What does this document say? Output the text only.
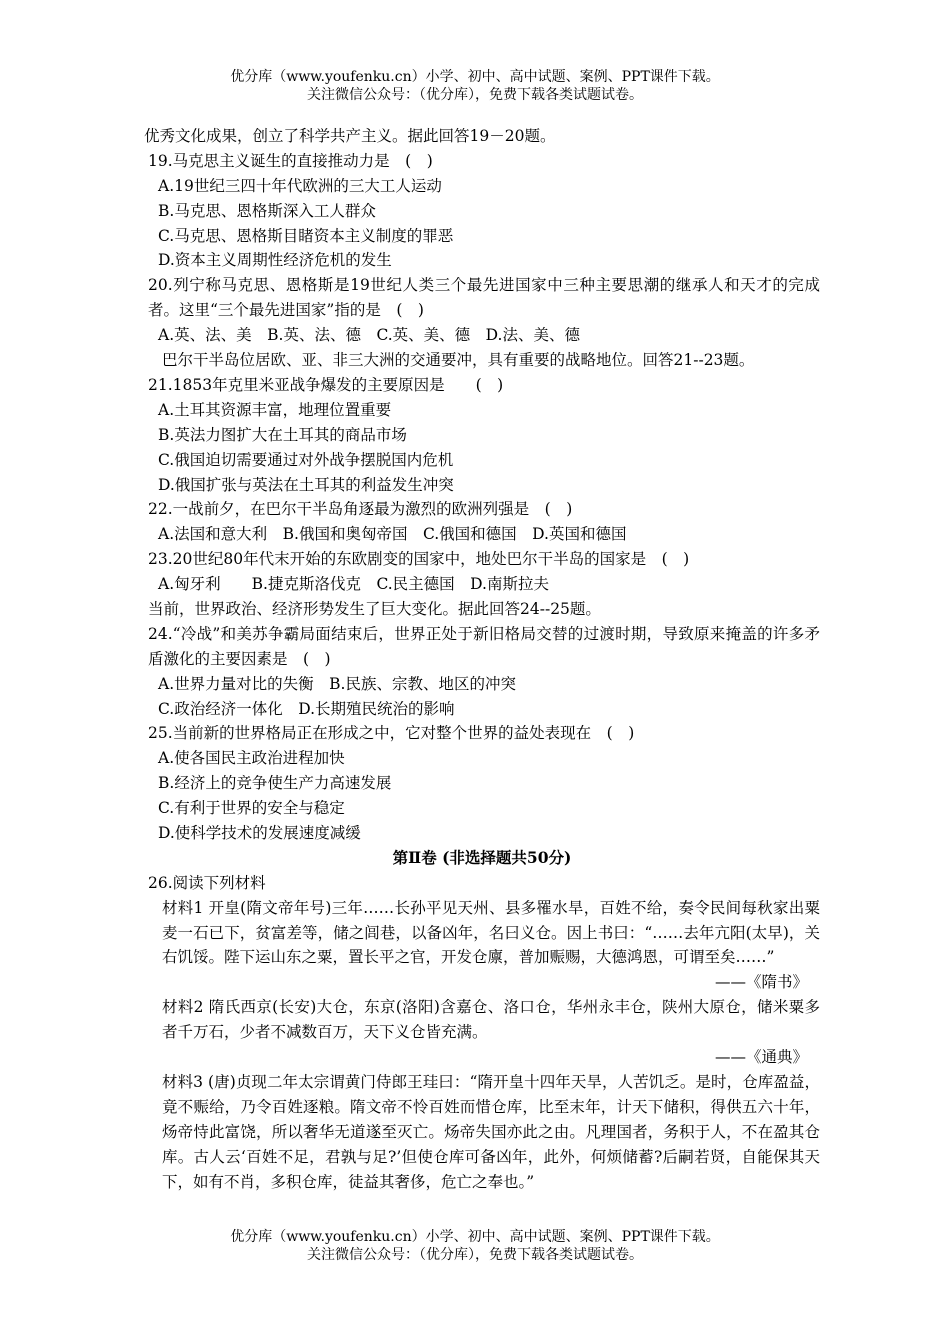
优分库（www.youfenku.cn）小学、初中、高中试题、案例、PPT课件下载。
关注微信公众号：（优分库），免费下载各类试题试卷。
优秀文化成果，创立了科学共产主义。据此回答19－20题。
19.马克思主义诞生的直接推动力是　(　)
A.19世纪三四十年代欧洲的三大工人运动
B.马克思、恩格斯深入工人群众
C.马克思、恩格斯目睹资本主义制度的罪恶
D.资本主义周期性经济危机的发生
20.列宁称马克思、恩格斯是19世纪人类三个最先进国家中三种主要思潮的继承人和天才的完成者。这里“三个最先进国家”指的是　(　)
A.英、法、美　B.英、法、德　C.英、美、德　D.法、美、德
巴尔干半岛位居欧、亚、非三大洲的交通要冲，具有重要的战略地位。回答21--23题。
21.1853年克里米亚战争爆发的主要原因是　　(　)
A.土耳其资源丰富，地理位置重要
B.英法力图扩大在土耳其的商品市场
C.俄国迫切需要通过对外战争摆脱国内危机
D.俄国扩张与英法在土耳其的利益发生冲突
22.一战前夕，在巴尔干半岛角逐最为激烈的欧洲列强是　(　)
A.法国和意大利　B.俄国和奥匈帝国　C.俄国和德国　D.英国和德国
23.20世纪80年代末开始的东欧剧变的国家中，地处巴尔干半岛的国家是　(　)
A.匈牙利　　B.捷克斯洛伐克　C.民主德国　D.南斯拉夫
当前，世界政治、经济形势发生了巨大变化。据此回答24--25题。
24.“冷战”和美苏争霸局面结束后，世界正处于新旧格局交替的过渡时期，导致原来掩盖的许多矛盾激化的主要因素是　(　)
A.世界力量对比的失衡　B.民族、宗教、地区的冲突
C.政治经济一体化　D.长期殖民统治的影响
25.当前新的世界格局正在形成之中，它对整个世界的益处表现在　(　)
A.使各国民主政治进程加快
B.经济上的竞争使生产力高速发展
C.有利于世界的安全与稳定
D.使科学技术的发展速度减缓
第Ⅱ卷 (非选择题共50分)
26.阅读下列材料
材料1 开皇(隋文帝年号)三年……长孙平见天州、县多罹水旱，百姓不给，奏令民间每秋家出粟麦一石已下，贫富差等，储之闾巷，以备凶年，名曰义仓。因上书曰：“……去年亢阳(太早)，关右饥馁。陛下运山东之粟，置长平之官，开发仓廪，普加赈赐，大德鸿恩，可谓至矣……”
——《隋书》
材料2 隋氏西京(长安)大仓，东京(洛阳)含嘉仓、洛口仓，华州永丰仓，陕州大原仓，储米粟多者千万石，少者不减数百万，天下义仓皆充满。
——《通典》
材料3 (唐)贞现二年太宗谓黄门侍郎王珪曰：“隋开皇十四年天旱，人苦饥乏。是时，仓库盈益，竟不赈给，乃令百姓逐粮。隋文帝不怜百姓而惜仓库，比至末年，计天下储积，得供五六十年，炀帝恃此富饶，所以奢华无道遂至灭亡。炀帝失国亦此之由。凡理国者，务积于人，不在盈其仓库。古人云‘百姓不足，君孰与足?’但使仓库可备凶年，此外，何烦储蓄?后嗣若贤，自能保其天下，如有不肖，多积仓库，徒益其奢侈，危亡之奉也。”
优分库（www.youfenku.cn）小学、初中、高中试题、案例、PPT课件下载。
关注微信公众号：（优分库），免费下载各类试题试卷。
